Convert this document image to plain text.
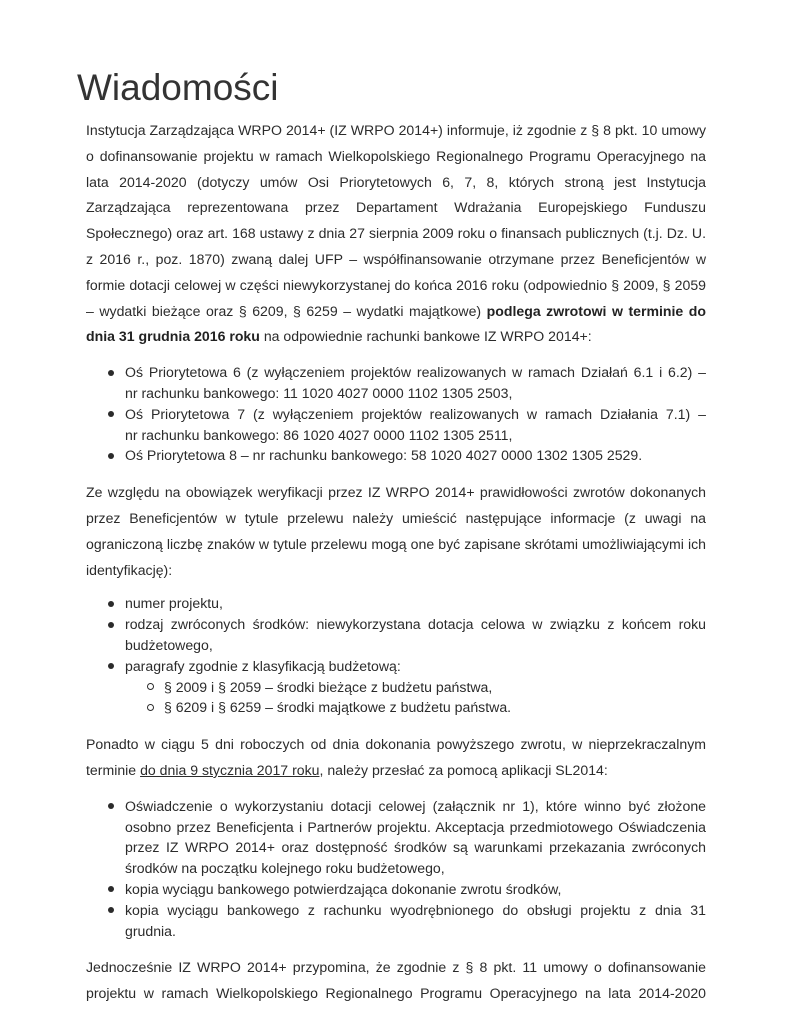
Wiadomości

Instytucja Zarządzająca WRPO 2014+ (IZ WRPO 2014+) informuje, iż zgodnie z § 8 pkt. 10 umowy o dofinansowanie projektu w ramach Wielkopolskiego Regionalnego Programu Operacyjnego na lata 2014-2020 (dotyczy umów Osi Priorytetowych 6, 7, 8, których stroną jest Instytucja Zarządzająca reprezentowana przez Departament Wdrażania Europejskiego Funduszu Społecznego) oraz art. 168 ustawy z dnia 27 sierpnia 2009 roku o finansach publicznych (t.j. Dz. U. z 2016 r., poz. 1870) zwaną dalej UFP – współfinansowanie otrzymane przez Beneficjentów w formie dotacji celowej w części niewykorzystanej do końca 2016 roku (odpowiednio § 2009, § 2059 – wydatki bieżące oraz § 6209, § 6259 – wydatki majątkowe) podlega zwrotowi w terminie do dnia 31 grudnia 2016 roku na odpowiednie rachunki bankowe IZ WRPO 2014+:

Oś Priorytetowa 6 (z wyłączeniem projektów realizowanych w ramach Działań 6.1 i 6.2) –
nr rachunku bankowego: 11 1020 4027 0000 1102 1305 2503,
Oś Priorytetowa 7 (z wyłączeniem projektów realizowanych w ramach Działania 7.1) –
nr rachunku bankowego: 86 1020 4027 0000 1102 1305 2511,
Oś Priorytetowa 8 – nr rachunku bankowego: 58 1020 4027 0000 1302 1305 2529.

Ze względu na obowiązek weryfikacji przez IZ WRPO 2014+ prawidłowości zwrotów dokonanych przez Beneficjentów w tytule przelewu należy umieścić następujące informacje (z uwagi na ograniczoną liczbę znaków w tytule przelewu mogą one być zapisane skrótami umożliwiającymi ich identyfikację):

numer projektu,
rodzaj zwróconych środków: niewykorzystana dotacja celowa w związku z końcem roku
budżetowego,
paragrafy zgodnie z klasyfikacją budżetową:
§ 2009 i § 2059 – środki bieżące z budżetu państwa,
§ 6209 i § 6259 – środki majątkowe z budżetu państwa.

Ponadto w ciągu 5 dni roboczych od dnia dokonania powyższego zwrotu, w nieprzekraczalnym terminie do dnia 9 stycznia 2017 roku, należy przesłać za pomocą aplikacji SL2014:

Oświadczenie o wykorzystaniu dotacji celowej (załącznik nr 1), które winno być złożone
osobno przez Beneficjenta i Partnerów projektu. Akceptacja przedmiotowego Oświadczenia
przez IZ WRPO 2014+ oraz dostępność środków są warunkami przekazania zwróconych
środków na początku kolejnego roku budżetowego,
kopia wyciągu bankowego potwierdzająca dokonanie zwrotu środków,
kopia wyciągu bankowego z rachunku wyodrębnionego do obsługi projektu z dnia 31 grudnia.

Jednocześnie IZ WRPO 2014+ przypomina, że zgodnie z § 8 pkt. 11 umowy o dofinansowanie projektu w ramach Wielkopolskiego Regionalnego Programu Operacyjnego na lata 2014-2020
